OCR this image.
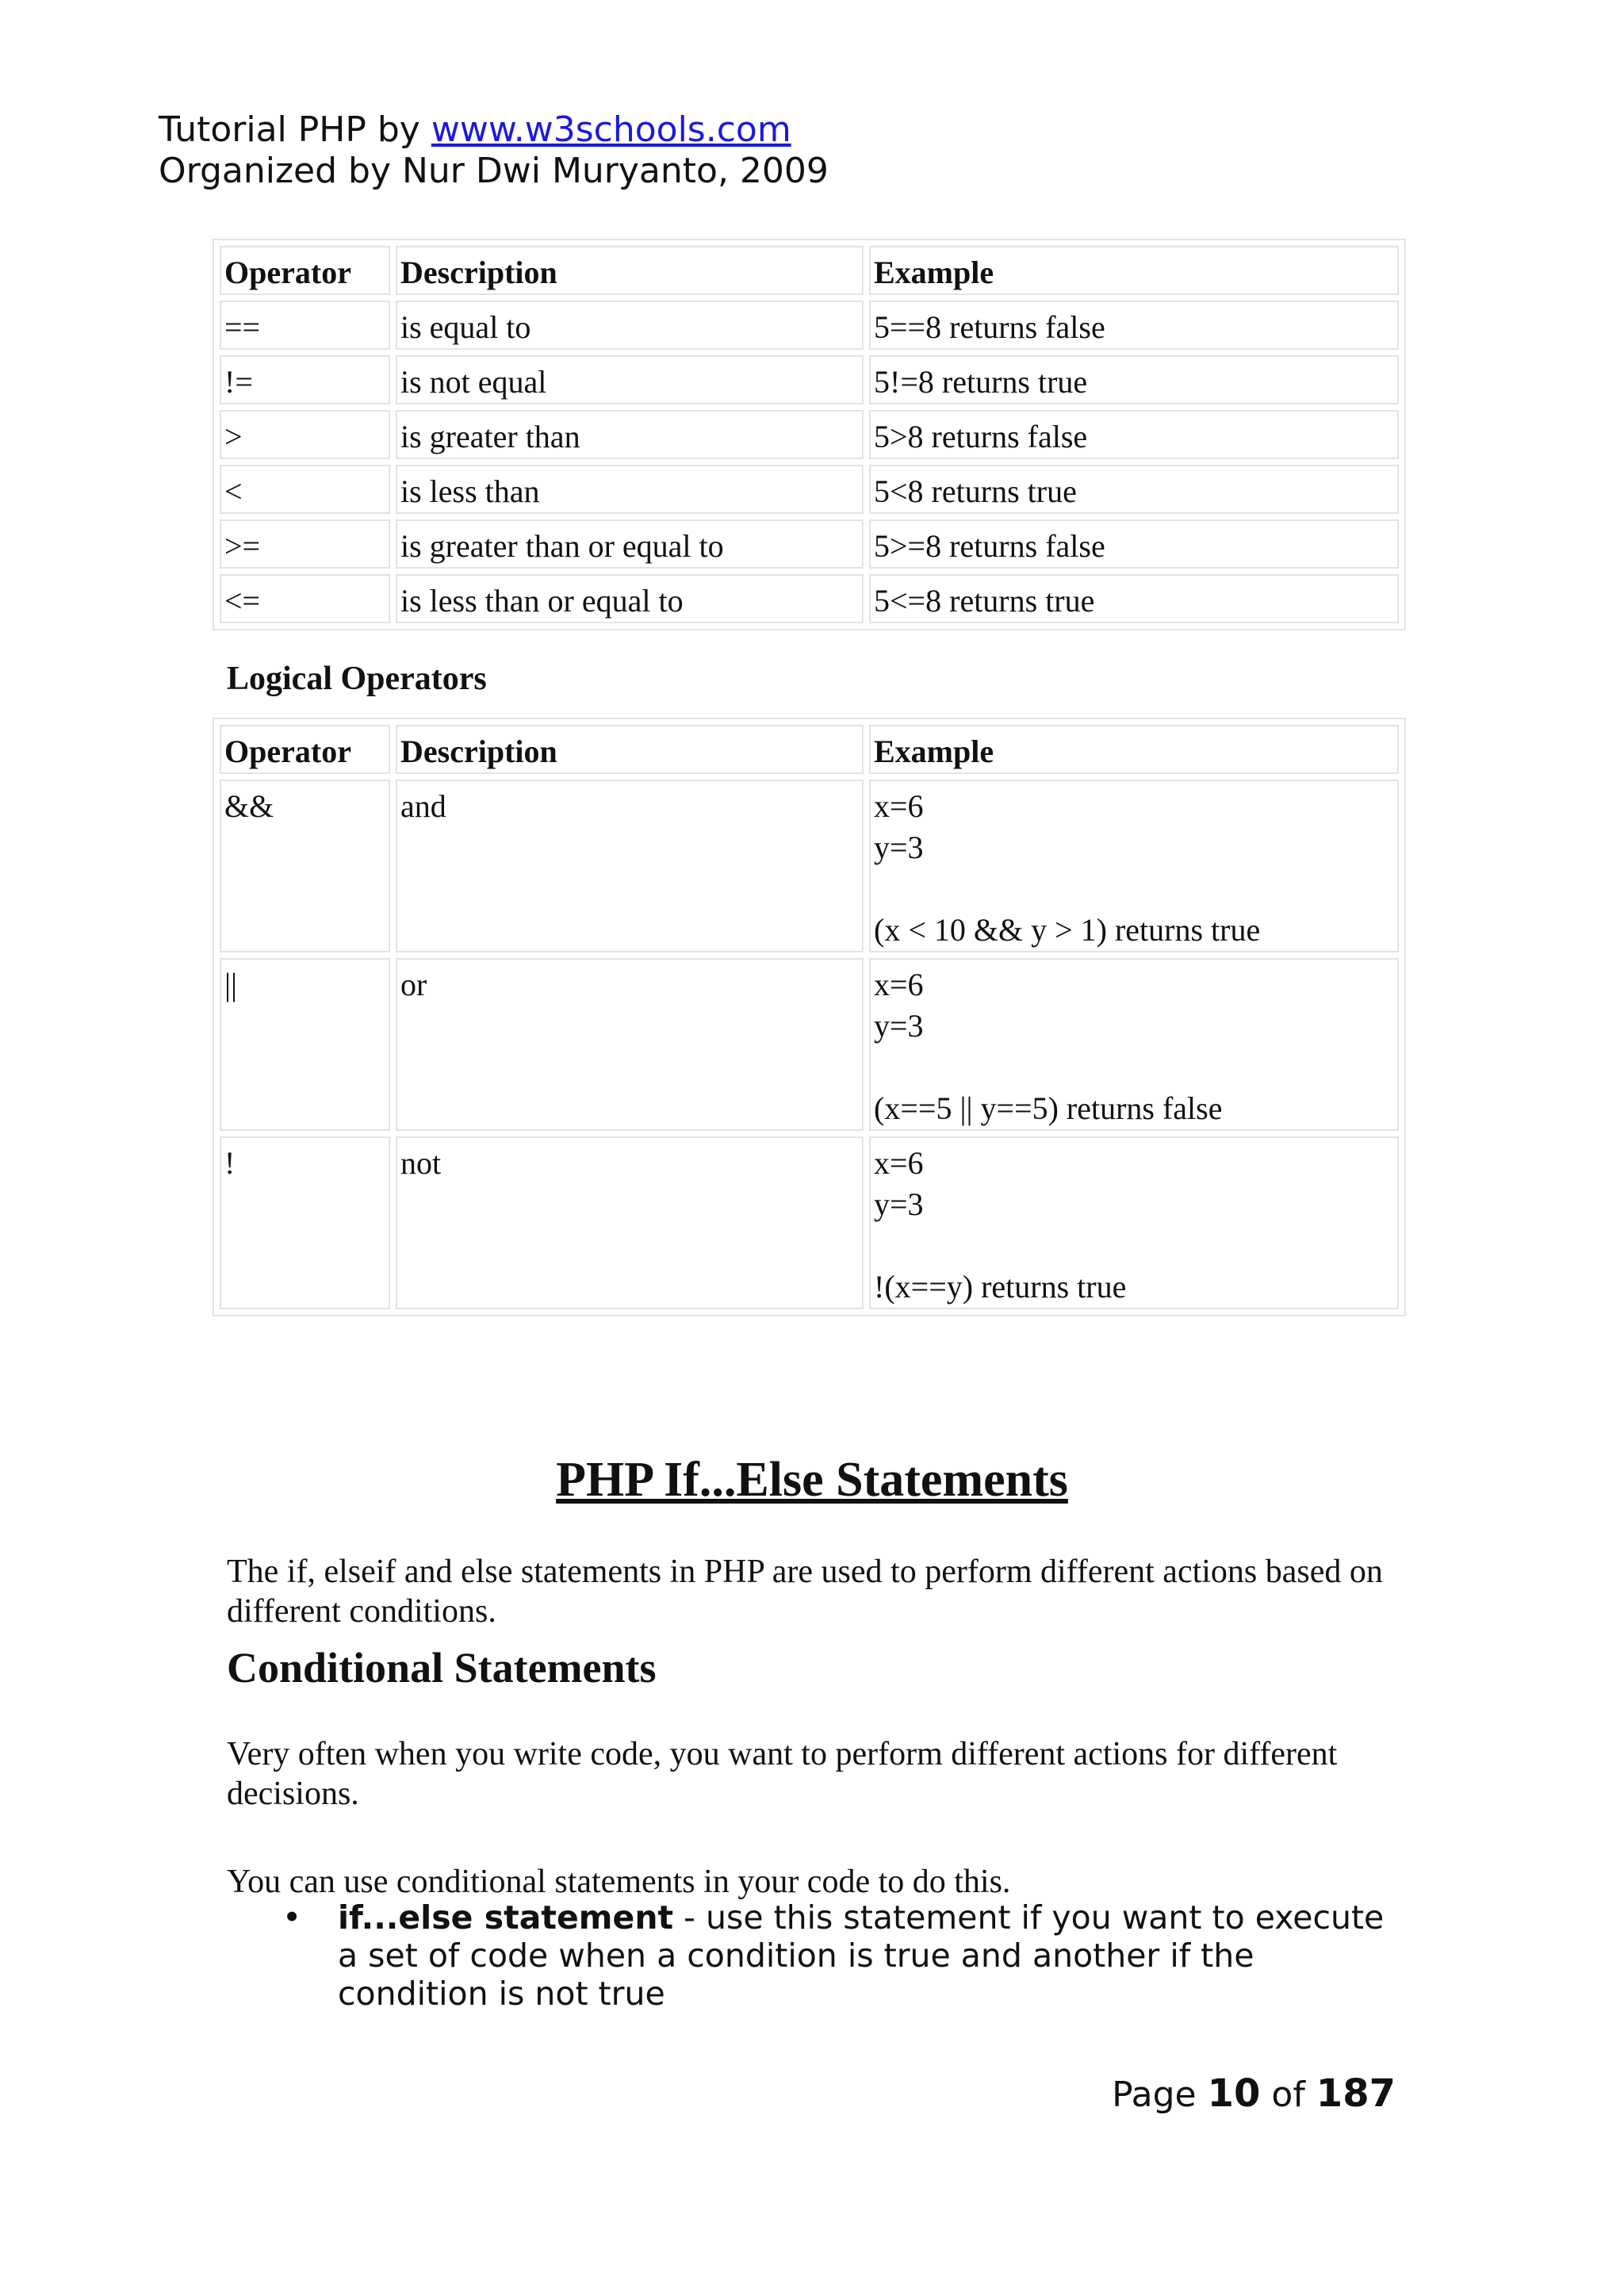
Tutorial PHP by www.w3schools.com
Organized by Nur Dwi Muryanto, 2009
Operator	Description	Example
==	is equal to	5==8 returns false
!=	is not equal	5!=8 returns true
>	is greater than	5>8 returns false
<	is less than	5<8 returns true
>=	is greater than or equal to	5>=8 returns false
<=	is less than or equal to	5<=8 returns true
Logical Operators
Operator	Description	Example
&&	and	x=6
y=3
(x < 10 && y > 1) returns true

||	or	x=6
y=3
(x==5 || y==5) returns false

!	not	x=6
y=3
!(x==y) returns true
PHP If...Else Statements
The if, elseif and else statements in PHP are used to perform different actions based on different conditions.
Conditional Statements
Very often when you write code, you want to perform different actions for different decisions.
You can use conditional statements in your code to do this.
• if...else statement - use this statement if you want to execute a set of code when a condition is true and another if the condition is not true
Page 10 of 187
